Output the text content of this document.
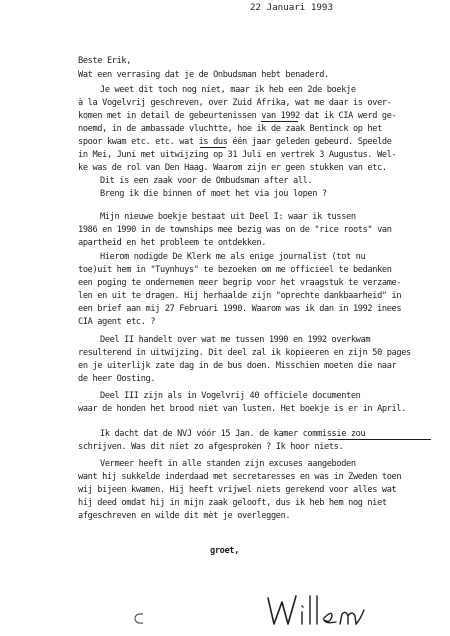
22 Januari 1993
Beste Erik,
Wat een verrasing dat je de Onbudsman hebt benaderd.
Je weet dit toch nog niet, maar ik heb een 2de boekje
à la Vogelvrij geschreven, over Zuid Afrika, wat me daar is over-
komen met in detail de gebeurtenissen van 1992 dat ik CIA werd ge-
noemd, in de ambassade vluchtte, hoe ik de zaak Bentinck op het
spoor kwam etc. etc. wat is dus één jaar geleden gebeurd. Speelde
in Mei, Juni met uitwijzing op 31 Juli en vertrek 3 Augustus. Wel-
ke was de rol van Den Haag. Waarom zijn er geen stukken van etc.
Dit is een zaak voor de Ombudsman after all.
Breng ik die binnen of moet het via jou lopen ?
Mijn nieuwe boekje bestaat uit Deel I: waar ik tussen
1986 en 1990 in de townships mee bezig was on de "rice roots" van
apartheid en het probleem te ontdekken.
Hierom nodigde De Klerk me als enige journalist (tot nu
toe)uit hem in "Tuynhuys" te bezoeken om me officieel te bedanken
een poging te ondernemen meer begrip voor het vraagstuk te verzame-
len en uit te dragen. Hij herhaalde zijn "oprechte dankbaarheid" in
een brief aan mij 27 Februari 1990. Waarom was ik dan in 1992 inees
CIA agent etc. ?
Deel II handelt over wat me tussen 1990 en 1992 overkwam
resulterend in uitwijzing. Dit deel zal ik kopieeren en zijn 50 pages
en je uiterlijk zate dag in de bus doen. Misschien moeten die naar
de heer Oosting.
Deel III zijn als in Vogelvrij 40 officiele documenten
waar de honden het brood niet van lusten. Het boekje is er in April.
Ik dacht dat de NVJ vóór 15 Jan. de kamer commissie zou
schrijven. Was dit niet zo afgesproken ? Ik hoor niets.
Vermeer heeft in alle standen zijn excuses aangeboden
want hij sukkelde inderdaad met secretaresses en was in Zweden toen
wij bijeen kwamen. Hij heeft vrijwel niets gerekend voor alles wat
hij deed omdat hij in mijn zaak gelooft, dus ik heb hem nog niet
afgeschreven en wilde dit mèt je overleggen.
groet,
